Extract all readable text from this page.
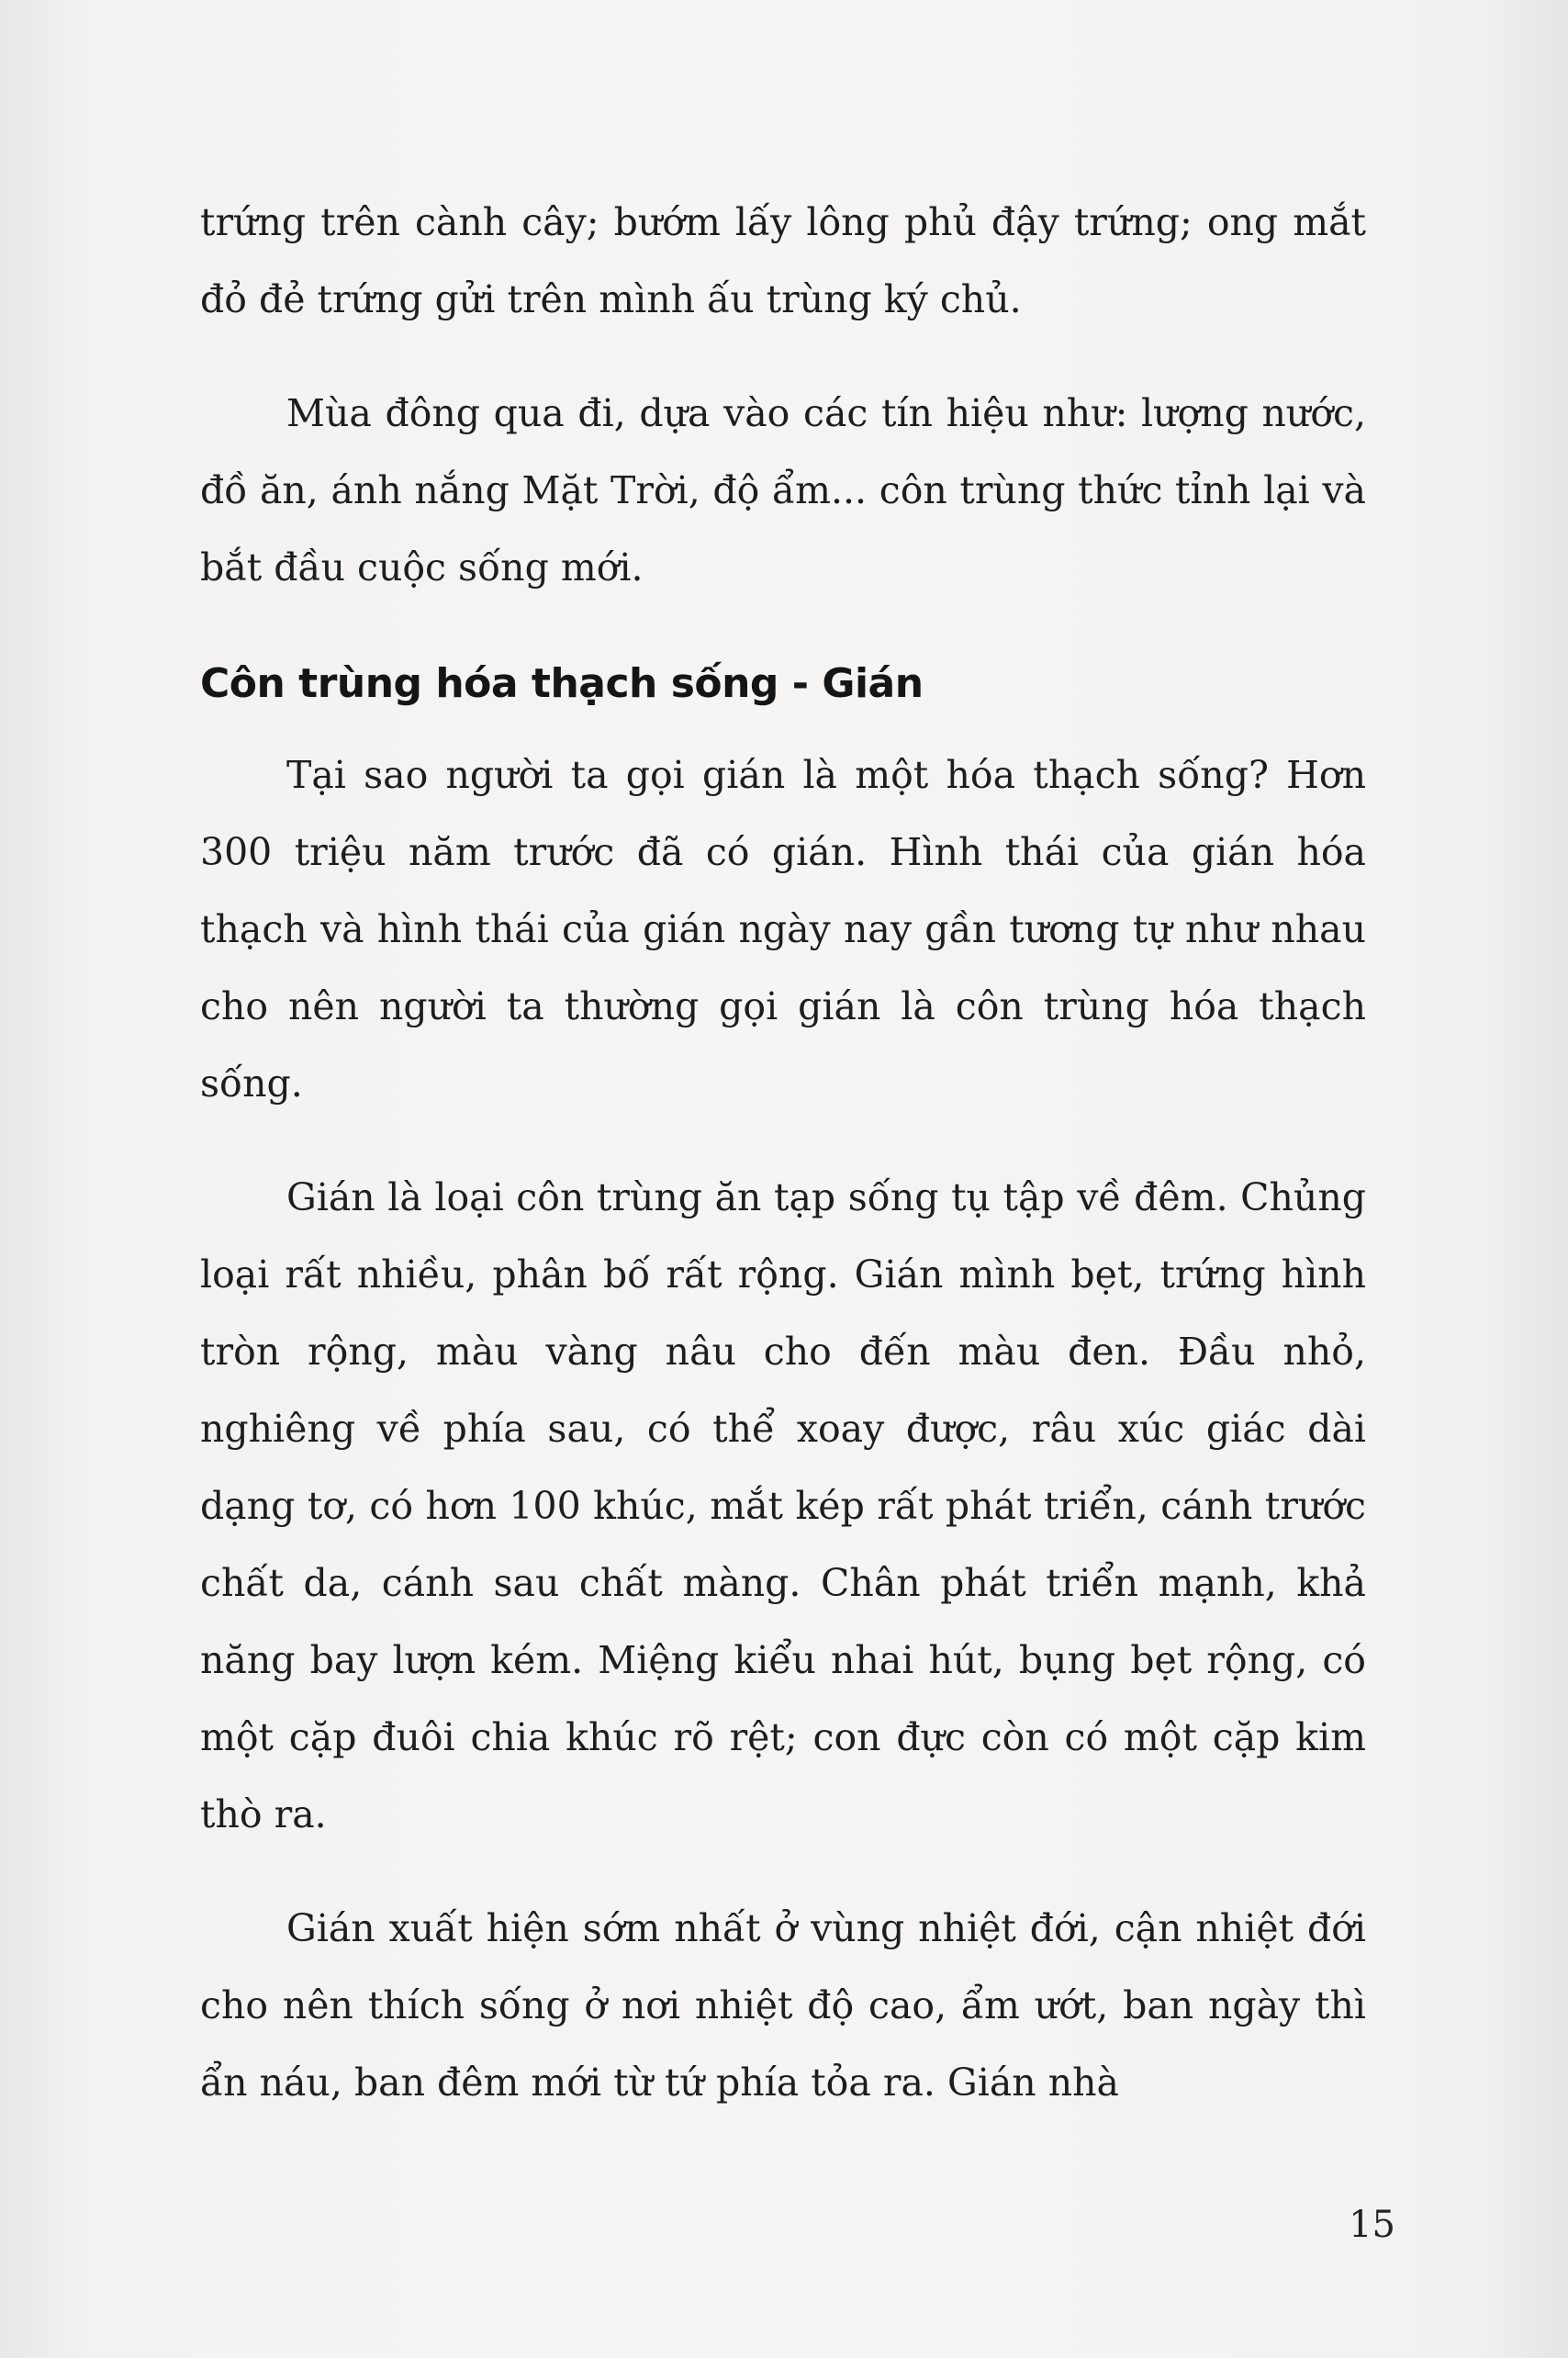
trứng trên cành cây; bướm lấy lông phủ đậy trứng; ong mắt đỏ đẻ trứng gửi trên mình ấu trùng ký chủ.

Mùa đông qua đi, dựa vào các tín hiệu như: lượng nước, đồ ăn, ánh nắng Mặt Trời, độ ẩm... côn trùng thức tỉnh lại và bắt đầu cuộc sống mới.

Côn trùng hóa thạch sống - Gián

Tại sao người ta gọi gián là một hóa thạch sống? Hơn 300 triệu năm trước đã có gián. Hình thái của gián hóa thạch và hình thái của gián ngày nay gần tương tự như nhau cho nên người ta thường gọi gián là côn trùng hóa thạch sống.

Gián là loại côn trùng ăn tạp sống tụ tập về đêm. Chủng loại rất nhiều, phân bố rất rộng. Gián mình bẹt, trứng hình tròn rộng, màu vàng nâu cho đến màu đen. Đầu nhỏ, nghiêng về phía sau, có thể xoay được, râu xúc giác dài dạng tơ, có hơn 100 khúc, mắt kép rất phát triển, cánh trước chất da, cánh sau chất màng. Chân phát triển mạnh, khả năng bay lượn kém. Miệng kiểu nhai hút, bụng bẹt rộng, có một cặp đuôi chia khúc rõ rệt; con đực còn có một cặp kim thò ra.

Gián xuất hiện sớm nhất ở vùng nhiệt đới, cận nhiệt đới cho nên thích sống ở nơi nhiệt độ cao, ẩm ướt, ban ngày thì ẩn náu, ban đêm mới từ tứ phía tỏa ra. Gián nhà

15
